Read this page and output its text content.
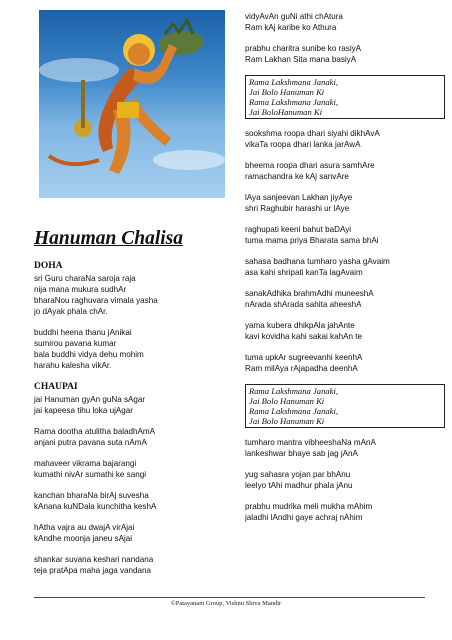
Hanuman Chalisa
DOHA
sri Guru charaNa saroja raja
nija mana mukura sudhAr
bharaNou raghuvara vimala yasha
jo dAyak phala chAr.
buddhi heena thanu jAnikai
sumirou pavana kumar
bala buddhi vidya dehu mohim
harahu kalesha vikAr.
CHAUPAI
jai Hanuman gyAn guNa sAgar
jai kapeesa tihu loka ujAgar
Rama dootha atulitha baladhAmA
anjani putra pavana suta nAmA
mahaveer vikrama bajarangi
kumathi nivAr sumathi ke sangi
kanchan bharaNa birAj suvesha
kAnana kuNDala kunchitha keshA
hAtha vajra au dwajA virAjai
kAndhe moonja janeu sAjai
shankar suvana keshari nandana
teja pratApa maha jaga vandana
vidyAvAn guNi athi chAtura
Ram kAj karibe ko Athura
prabhu charitra sunibe ko rasiyA
Ram Lakhan Sita mana basiyA
Rama Lakshmana Janaki,
Jai Bolo Hanuman Ki
Rama Lakshmana Janaki,
Jai BoloHanuman Ki
sookshma roopa dhari siyahi dikhAvA
vikaTa roopa dhari lanka jarAwA
bheema roopa dhari asura samhAre
ramachandra ke kAj sanvAre
lAya sanjeevan Lakhan jiyAye
shri Raghubir harashi ur lAye
raghupati keeni bahut baDAyi
tuma mama priya Bharata sama bhAi
sahasa badhana tumharo yasha gAvaim
asa kahi shripati kanTa lagAvaim
sanakAdhika brahmAdhi muneeshA
nArada shArada sahita aheeshA
yama kubera dhikpAla jahAnte
kavi kovidha kahi sakai kahAn te
tuma upkAr sugreevanhi keenhA
Ram milAya rAjapadha deenhA
Rama Lakshmana Janaki,
Jai Bolo Hanuman Ki
Rama Lakshmana Janaki,
Jai Bolo Hanuman Ki
tumharo mantra vibheeshaNa mAnA
lankeshwar bhaye sab jag jAnA
yug sahasra yojan par bhAnu
leelyo tAhi madhur phala jAnu
prabhu mudrika meli mukha mAhim
jaladhi lAndhi gaye achraj nAhim
©Patayanam Group, Vishnu Shiva Mandir
